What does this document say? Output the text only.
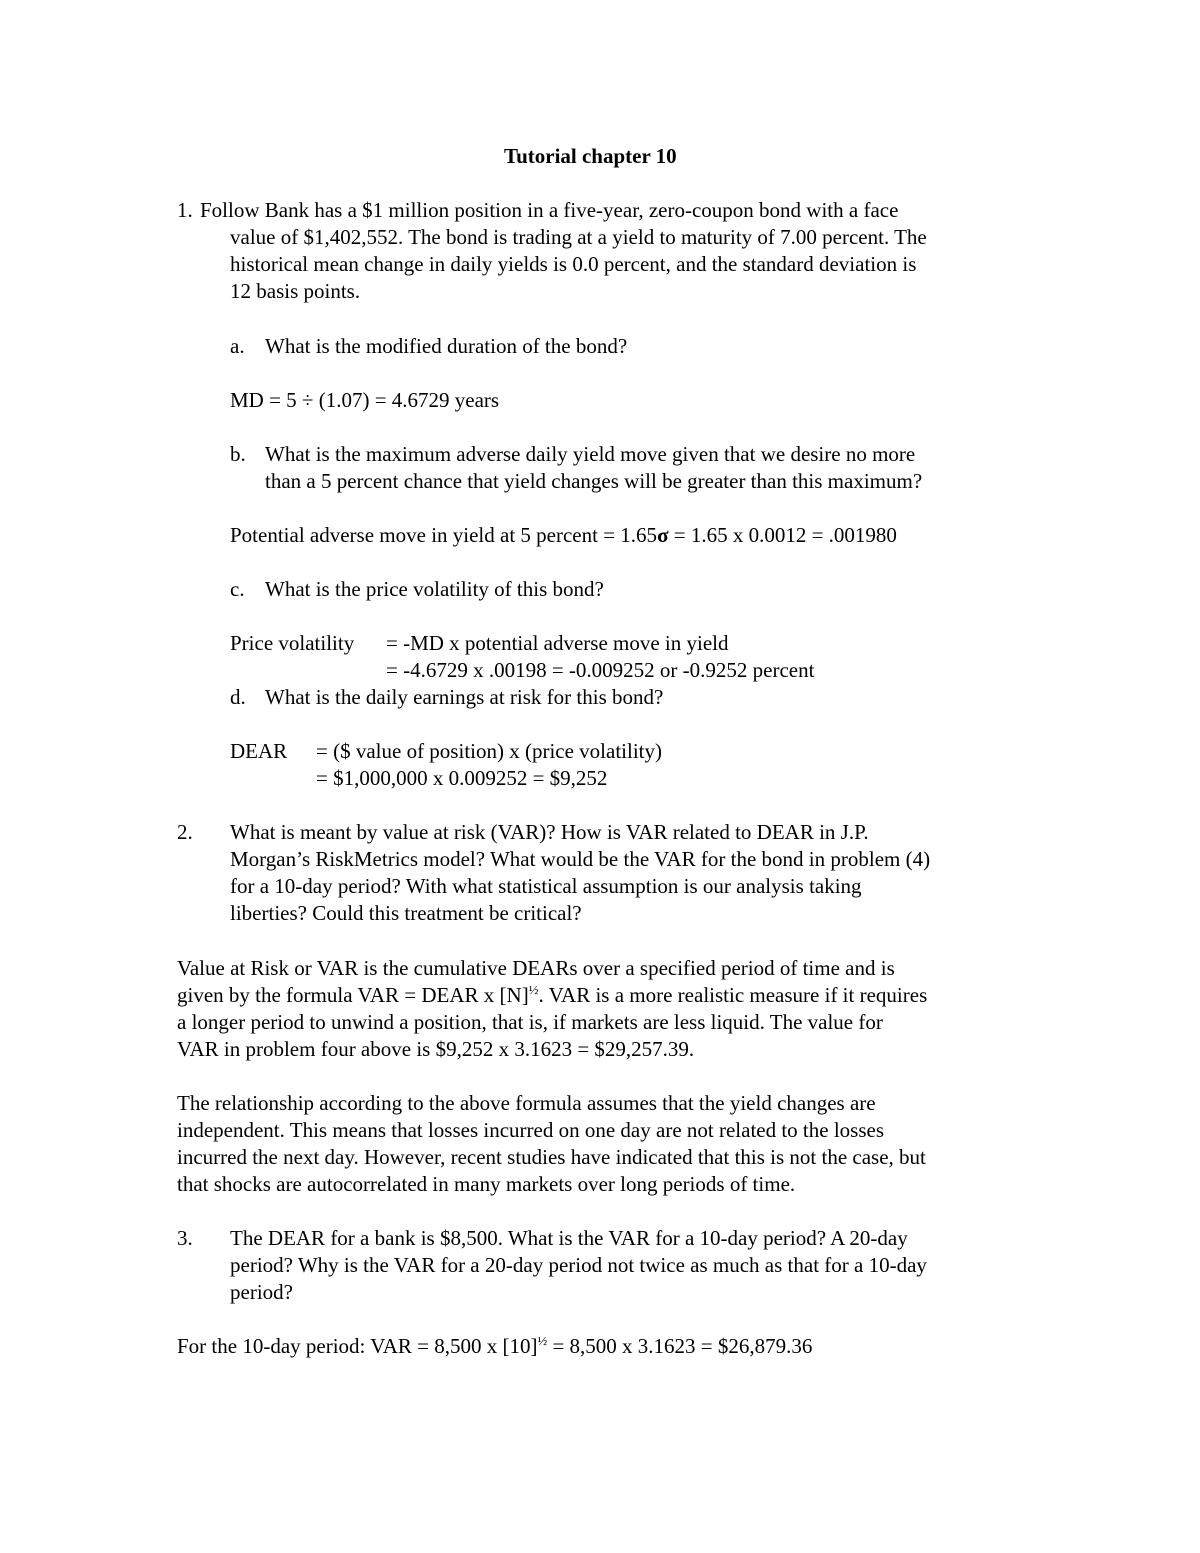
Tutorial chapter 10
1. Follow Bank has a $1 million position in a five-year, zero-coupon bond with a face
value of $1,402,552. The bond is trading at a yield to maturity of 7.00 percent. The
historical mean change in daily yields is 0.0 percent, and the standard deviation is
12 basis points.
a. What is the modified duration of the bond?
MD = 5 ÷ (1.07) = 4.6729 years
b. What is the maximum adverse daily yield move given that we desire no more
than a 5 percent chance that yield changes will be greater than this maximum?
Potential adverse move in yield at 5 percent = 1.65σ = 1.65 x 0.0012 = .001980
c. What is the price volatility of this bond?
Price volatility = -MD x potential adverse move in yield
= -4.6729 x .00198 = -0.009252 or -0.9252 percent
d. What is the daily earnings at risk for this bond?
DEAR = ($ value of position) x (price volatility)
= $1,000,000 x 0.009252 = $9,252
2. What is meant by value at risk (VAR)? How is VAR related to DEAR in J.P.
Morgan’s RiskMetrics model? What would be the VAR for the bond in problem (4)
for a 10-day period? With what statistical assumption is our analysis taking
liberties? Could this treatment be critical?
Value at Risk or VAR is the cumulative DEARs over a specified period of time and is
given by the formula VAR = DEAR x $[N]^{\frac{1}{2}}$. VAR is a more realistic measure if it requires
a longer period to unwind a position, that is, if markets are less liquid. The value for
VAR in problem four above is $9,252 x 3.1623 = $29,257.39.
The relationship according to the above formula assumes that the yield changes are
independent. This means that losses incurred on one day are not related to the losses
incurred the next day. However, recent studies have indicated that this is not the case, but
that shocks are autocorrelated in many markets over long periods of time.
3. The DEAR for a bank is $8,500. What is the VAR for a 10-day period? A 20-day
period? Why is the VAR for a 20-day period not twice as much as that for a 10-day
period?
For the 10-day period: VAR = 8,500 x $[10]^{\frac{1}{2}} = 8,500$ x 3.1623 = $26,879.36
